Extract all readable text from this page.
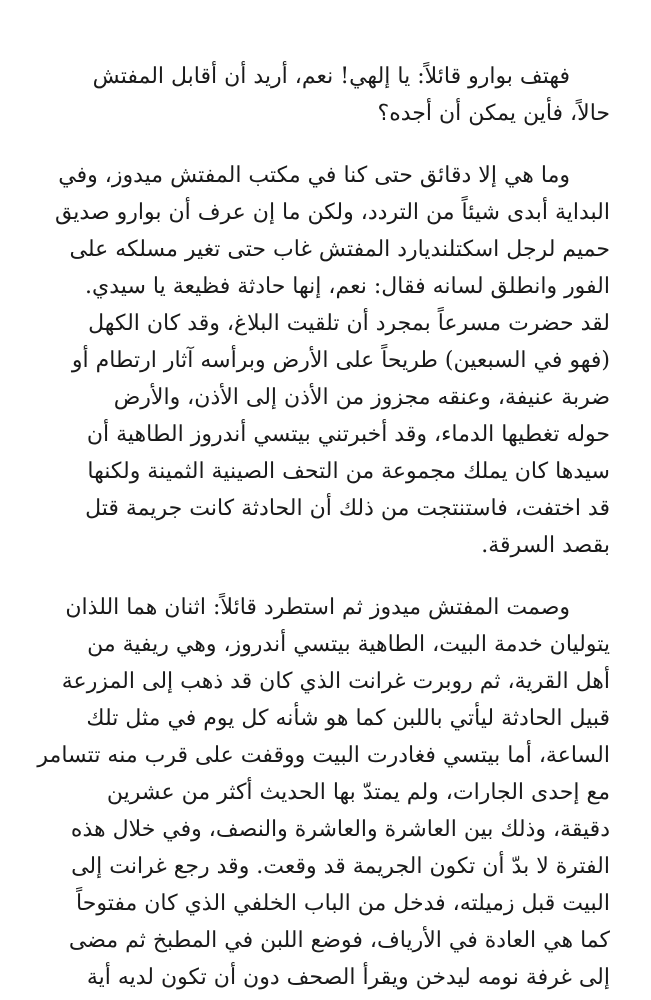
فهتف بوارو قائلاً: يا إلهي! نعم، أريد أن أقابل المفتش
حالاً، فأين يمكن أن أجده؟
وما هي إلا دقائق حتى كنا في مكتب المفتش ميدوز، وفي
البداية أبدى شيئاً من التردد، ولكن ما إن عرف أن بوارو صديق
حميم لرجل اسكتلنديارد المفتش غاب حتى تغير مسلكه على
الفور وانطلق لسانه فقال: نعم، إنها حادثة فظيعة يا سيدي.
لقد حضرت مسرعاً بمجرد أن تلقيت البلاغ، وقد كان الكهل
(فهو في السبعين) طريحاً على الأرض وبرأسه آثار ارتطام أو
ضربة عنيفة، وعنقه مجزوز من الأذن إلى الأذن، والأرض
حوله تغطيها الدماء، وقد أخبرتني بيتسي أندروز الطاهية أن
سيدها كان يملك مجموعة من التحف الصينية الثمينة ولكنها
قد اختفت، فاستنتجت من ذلك أن الحادثة كانت جريمة قتل
بقصد السرقة.
وصمت المفتش ميدوز ثم استطرد قائلاً: اثنان هما اللذان
يتوليان خدمة البيت، الطاهية بيتسي أندروز، وهي ريفية من
أهل القرية، ثم روبرت غرانت الذي كان قد ذهب إلى المزرعة
قبيل الحادثة ليأتي باللبن كما هو شأنه كل يوم في مثل تلك
الساعة، أما بيتسي فغادرت البيت ووقفت على قرب منه تتسامر
مع إحدى الجارات، ولم يمتدّ بها الحديث أكثر من عشرين
دقيقة، وذلك بين العاشرة والعاشرة والنصف، وفي خلال هذه
الفترة لا بدّ أن تكون الجريمة قد وقعت. وقد رجع غرانت إلى
البيت قبل زميلته، فدخل من الباب الخلفي الذي كان مفتوحاً
كما هي العادة في الأرياف، فوضع اللبن في المطبخ ثم مضى
إلى غرفة نومه ليدخن ويقرأ الصحف دون أن تكون لديه أية
